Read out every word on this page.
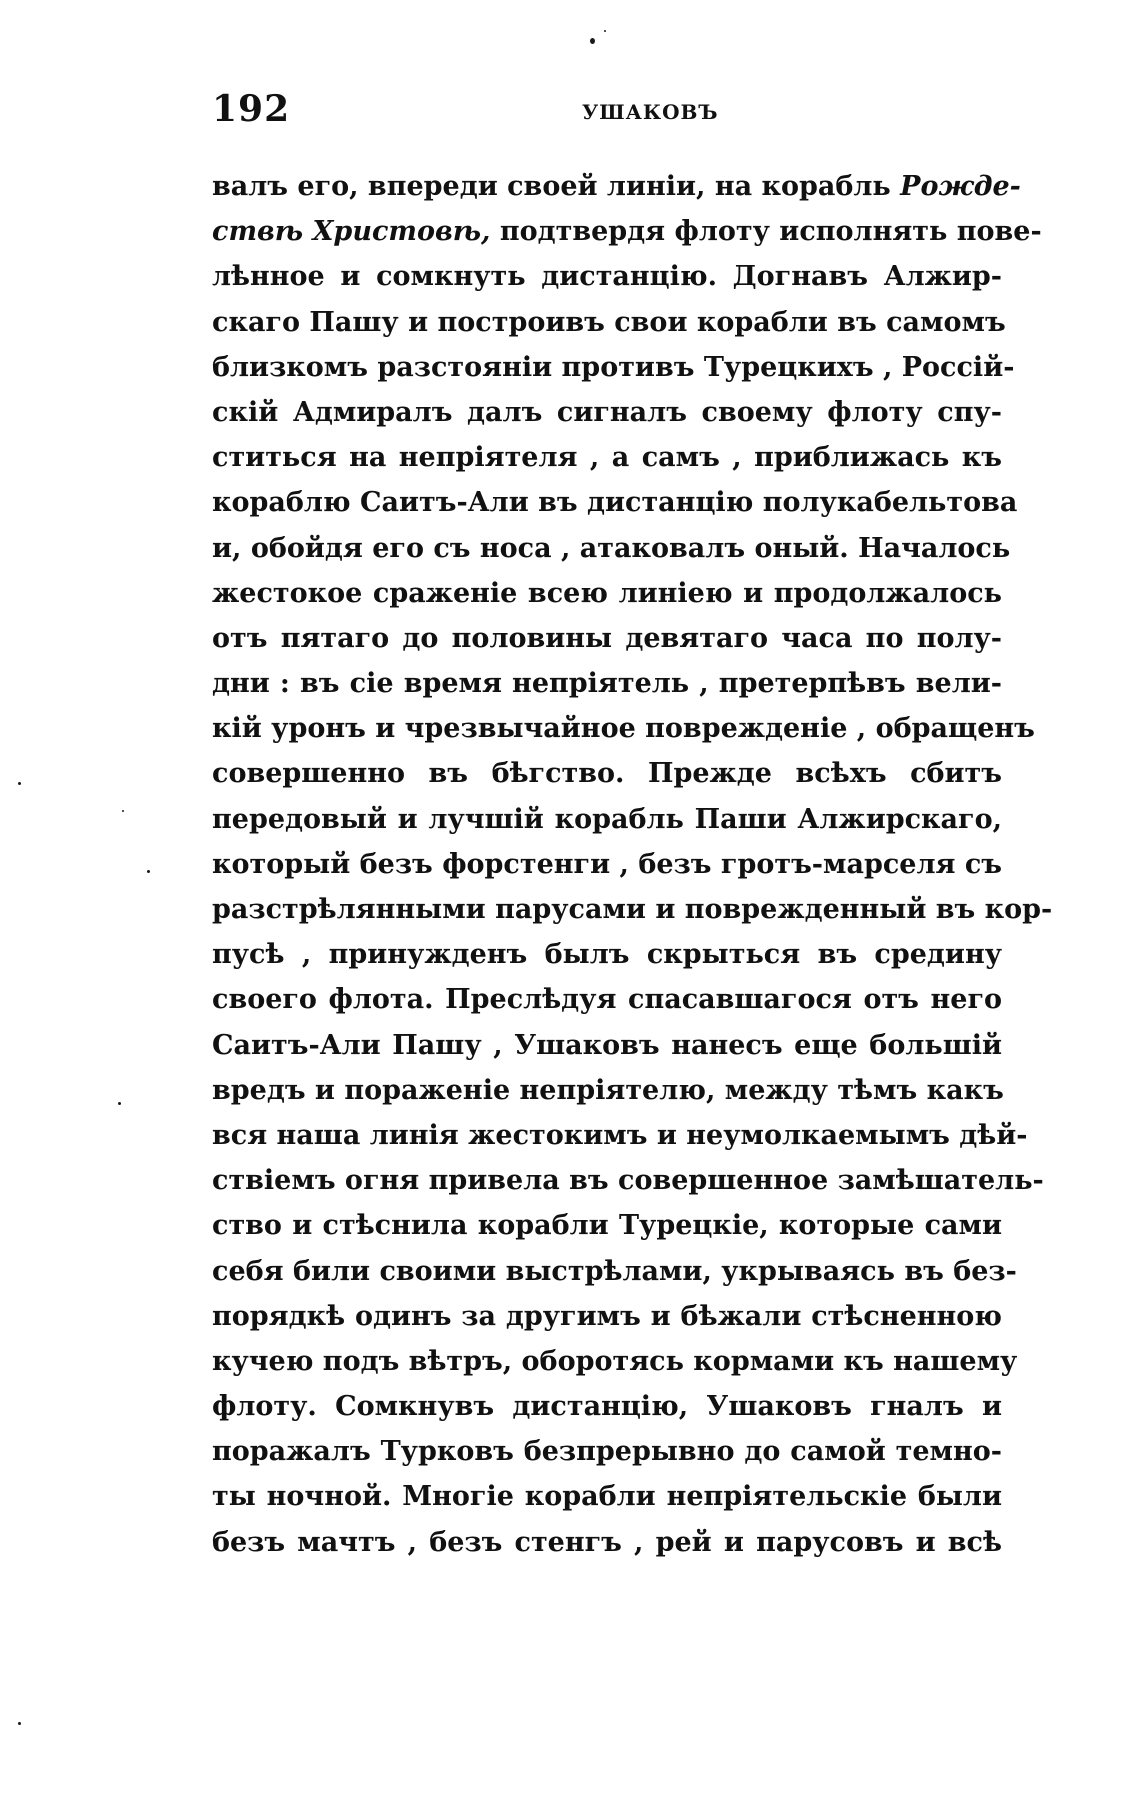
192	УШАКОВЪ
валъ его, впереди своей линіи, на корабль Рожде-
ствѣ Христовѣ, подтвердя флоту исполнять пове-
лѣнное и сомкнуть дистанцію. Догнавъ Алжир-
скаго Пашу и построивъ свои корабли въ самомъ
близкомъ разстояніи противъ Турецкихъ , Россій-
скій Адмиралъ далъ сигналъ своему флоту спу-
ститься на непріятеля , а самъ , приближась къ
кораблю Саитъ-Али въ дистанцію полукабельтова
и, обойдя его съ носа , атаковалъ оный. Началось
жестокое сраженіе всею линіею и продолжалось
отъ пятаго до половины девятаго часа по полу-
дни : въ сіе время непріятель , претерпѣвъ вели-
кій уронъ и чрезвычайное поврежденіе , обращенъ
совершенно въ бѣгство. Прежде всѣхъ сбитъ
передовый и лучшій корабль Паши Алжирскаго,
который безъ форстенги , безъ гротъ-марселя съ
разстрѣлянными парусами и поврежденный въ кор-
пусѣ , принужденъ былъ скрыться въ средину
своего флота. Преслѣдуя спасавшагося отъ него
Саитъ-Али Пашу , Ушаковъ нанесъ еще большій
вредъ и пораженіе непріятелю, между тѣмъ какъ
вся наша линія жестокимъ и неумолкаемымъ дѣй-
ствіемъ огня привела въ совершенное замѣшатель-
ство и стѣснила корабли Турецкіе, которые сами
себя били своими выстрѣлами, укрываясь въ без-
порядкѣ одинъ за другимъ и бѣжали стѣсненною
кучею подъ вѣтръ, оборотясь кормами къ нашему
флоту. Сомкнувъ дистанцію, Ушаковъ гналъ и
поражалъ Турковъ безпрерывно до самой темно-
ты ночной. Многіе корабли непріятельскіе были
безъ мачтъ , безъ стенгъ , рей и парусовъ и всѣ
